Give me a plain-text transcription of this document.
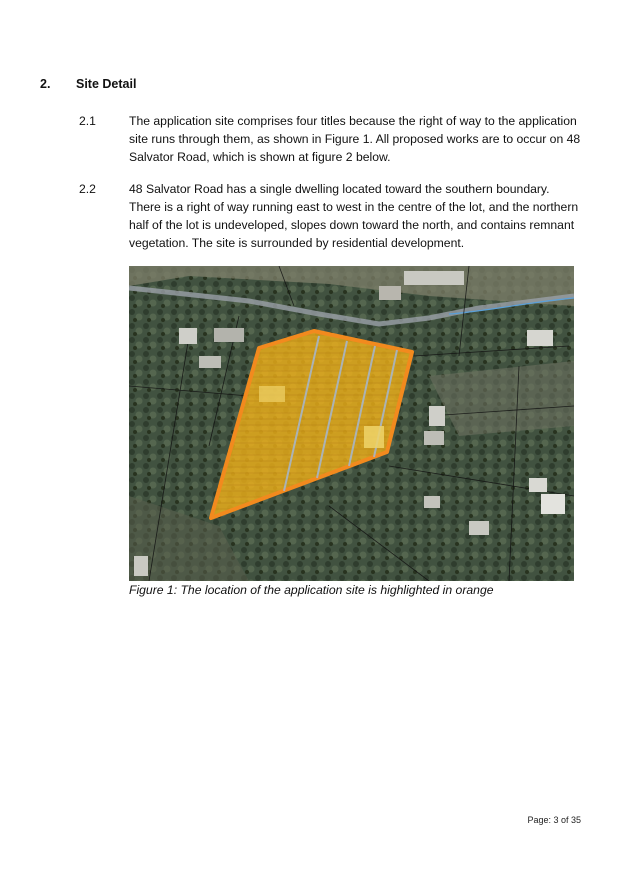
2. Site Detail
2.1	The application site comprises four titles because the right of way to the application site runs through them, as shown in Figure 1. All proposed works are to occur on 48 Salvator Road, which is shown at figure 2 below.
2.2	48 Salvator Road has a single dwelling located toward the southern boundary. There is a right of way running east to west in the centre of the lot, and the northern half of the lot is undeveloped, slopes down toward the north, and contains remnant vegetation. The site is surrounded by residential development.
Figure 1: The location of the application site is highlighted in orange
Page: 3 of 35
